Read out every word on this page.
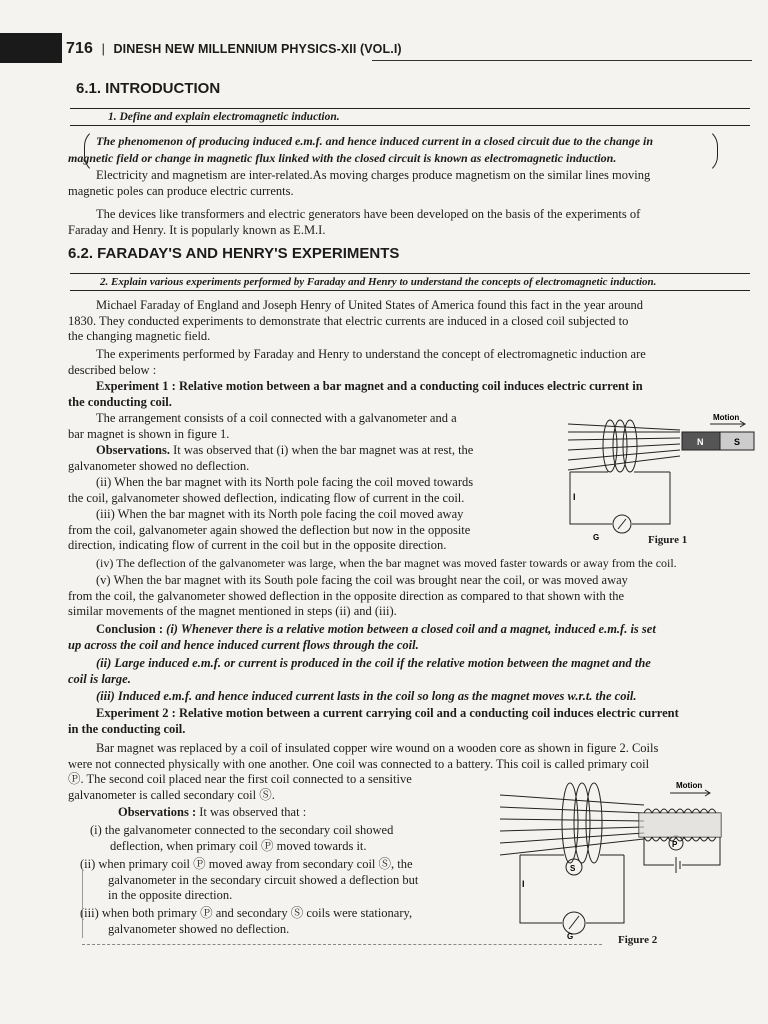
716 | DINESH NEW MILLENNIUM PHYSICS-XII (VOL.I)
6.1. INTRODUCTION
1. Define and explain electromagnetic induction.
The phenomenon of producing induced e.m.f. and hence induced current in a closed circuit due to the change in
magnetic field or change in magnetic flux linked with the closed circuit is known as electromagnetic induction.
Electricity and magnetism are inter-related.As moving charges produce magnetism on the similar lines moving
magnetic poles can produce electric currents.
The devices like transformers and electric generators have been developed on the basis of the experiments of
Faraday and Henry. It is popularly known as E.M.I.
6.2. FARADAY'S AND HENRY'S EXPERIMENTS
2. Explain various experiments performed by Faraday and Henry to understand the concepts of electromagnetic induction.
Michael Faraday of England and Joseph Henry of United States of America found this fact in the year around
1830. They conducted experiments to demonstrate that electric currents are induced in a closed coil subjected to
the changing magnetic field.
The experiments performed by Faraday and Henry to understand the concept of electromagnetic induction are
described below :
Experiment 1 : Relative motion between a bar magnet and a conducting coil induces electric current in
the conducting coil.
The arrangement consists of a coil connected with a galvanometer and a
bar magnet is shown in figure 1.
Observations. It was observed that (i) when the bar magnet was at rest, the
galvanometer showed no deflection.
(ii) When the bar magnet with its North pole facing the coil moved towards
the coil, galvanometer showed deflection, indicating flow of current in the coil.
(iii) When the bar magnet with its North pole facing the coil moved away
from the coil, galvanometer again showed the deflection but now in the opposite
direction, indicating flow of current in the coil but in the opposite direction.
N	S
Motion
I
G	Figure 1
(iv) The deflection of the galvanometer was large, when the bar magnet was moved faster towards or away from the coil.
(v) When the bar magnet with its South pole facing the coil was brought near the coil, or was moved away
from the coil, the galvanometer showed deflection in the opposite direction as compared to that shown with the
similar movements of the magnet mentioned in steps (ii) and (iii).
Conclusion : (i) Whenever there is a relative motion between a closed coil and a magnet, induced e.m.f. is set
up across the coil and hence induced current flows through the coil.
(ii) Large induced e.m.f. or current is produced in the coil if the relative motion between the magnet and the
coil is large.
(iii) Induced e.m.f. and hence induced current lasts in the coil so long as the magnet moves w.r.t. the coil.
Experiment 2 : Relative motion between a current carrying coil and a conducting coil induces electric current
in the conducting coil.
Bar magnet was replaced by a coil of insulated copper wire wound on a wooden core as shown in figure 2. Coils
were not connected physically with one another. One coil was connected to a battery. This coil is called primary coil
Ⓟ. The second coil placed near the first coil connected to a sensitive
galvanometer is called secondary coil Ⓢ.
Observations : It was observed that :
(i) the galvanometer connected to the secondary coil showed
deflection, when primary coil Ⓟ moved towards it.
(ii) when primary coil Ⓟ moved away from secondary coil Ⓢ, the
galvanometer in the secondary circuit showed a deflection but
in the opposite direction.
(iii) when both primary Ⓟ and secondary Ⓢ coils were stationary,
galvanometer showed no deflection.
Motion
P
S
I
G	Figure 2
